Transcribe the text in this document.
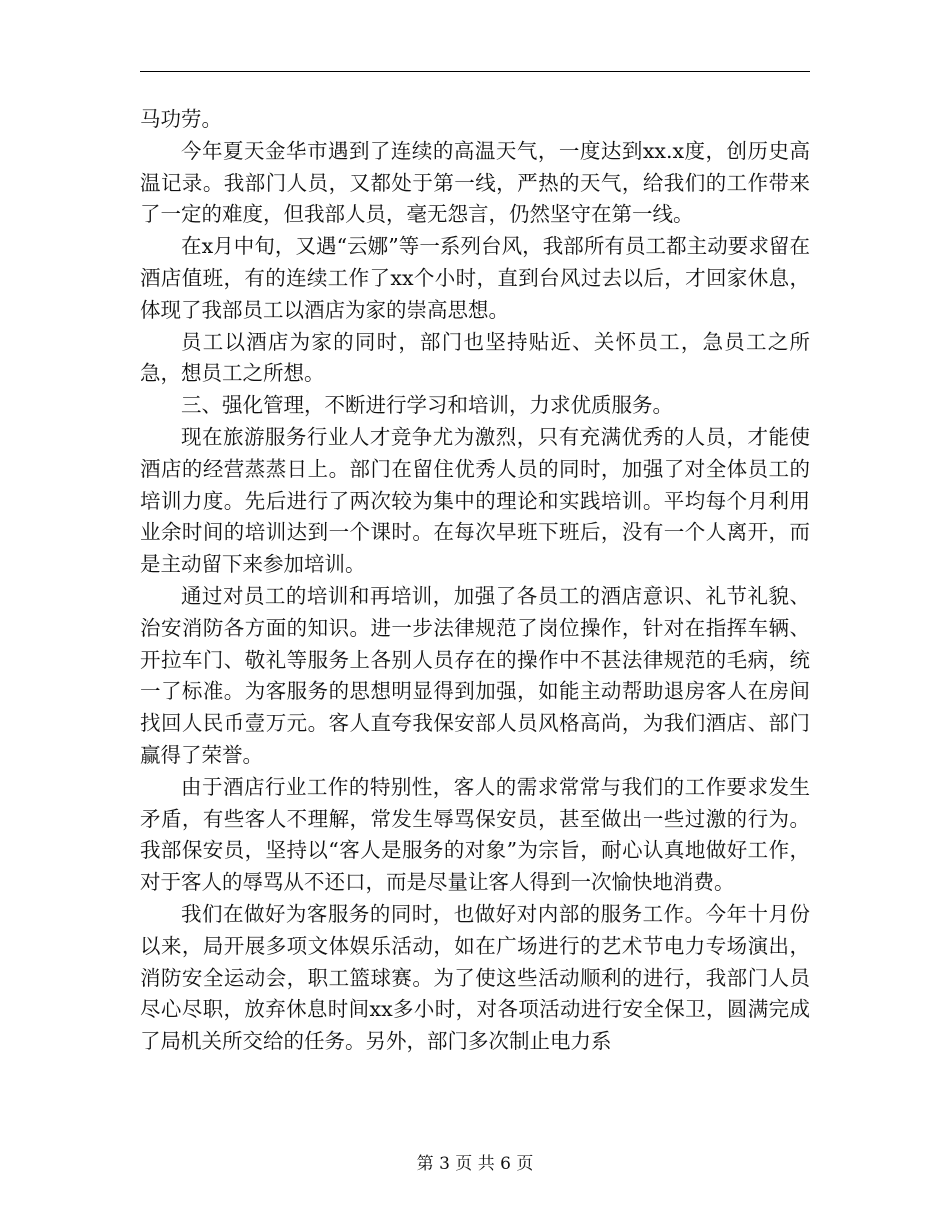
马功劳。

今年夏天金华市遇到了连续的高温天气，一度达到xx.x度，创历史高温记录。我部门人员，又都处于第一线，严热的天气，给我们的工作带来了一定的难度，但我部人员，毫无怨言，仍然坚守在第一线。

在x月中旬，又遇“云娜”等一系列台风，我部所有员工都主动要求留在酒店值班，有的连续工作了xx个小时，直到台风过去以后，才回家休息，体现了我部员工以酒店为家的崇高思想。

员工以酒店为家的同时，部门也坚持贴近、关怀员工，急员工之所急，想员工之所想。

三、强化管理，不断进行学习和培训，力求优质服务。

现在旅游服务行业人才竞争尤为激烈，只有充满优秀的人员，才能使酒店的经营蒸蒸日上。部门在留住优秀人员的同时，加强了对全体员工的培训力度。先后进行了两次较为集中的理论和实践培训。平均每个月利用业余时间的培训达到一个课时。在每次早班下班后，没有一个人离开，而是主动留下来参加培训。

通过对员工的培训和再培训，加强了各员工的酒店意识、礼节礼貌、治安消防各方面的知识。进一步法律规范了岗位操作，针对在指挥车辆、开拉车门、敬礼等服务上各别人员存在的操作中不甚法律规范的毛病，统一了标准。为客服务的思想明显得到加强，如能主动帮助退房客人在房间找回人民币壹万元。客人直夸我保安部人员风格高尚，为我们酒店、部门赢得了荣誉。

由于酒店行业工作的特别性，客人的需求常常与我们的工作要求发生矛盾，有些客人不理解，常发生辱骂保安员，甚至做出一些过激的行为。我部保安员，坚持以“客人是服务的对象”为宗旨，耐心认真地做好工作，对于客人的辱骂从不还口，而是尽量让客人得到一次愉快地消费。

我们在做好为客服务的同时，也做好对内部的服务工作。今年十月份以来，局开展多项文体娱乐活动，如在广场进行的艺术节电力专场演出，消防安全运动会，职工篮球赛。为了使这些活动顺利的进行，我部门人员尽心尽职，放弃休息时间xx多小时，对各项活动进行安全保卫，圆满完成了局机关所交给的任务。另外，部门多次制止电力系

第 3 页 共 6 页
